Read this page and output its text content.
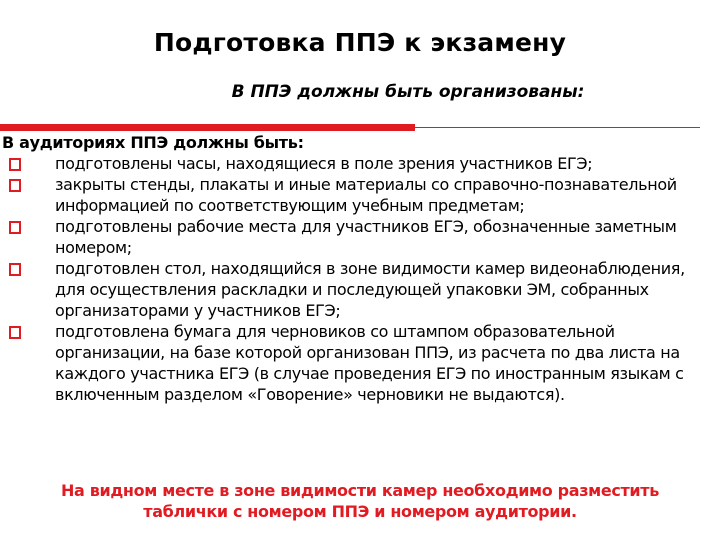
Подготовка ППЭ к экзамену
В ППЭ должны быть организованы:
В аудиториях ППЭ должны быть:
подготовлены часы, находящиеся в поле зрения участников ЕГЭ;
закрыты стенды, плакаты и иные материалы со справочно-познавательной информацией по соответствующим учебным предметам;
подготовлены рабочие места для участников ЕГЭ, обозначенные заметным номером;
подготовлен стол, находящийся в зоне видимости камер видеонаблюдения, для осуществления раскладки и последующей упаковки ЭМ, собранных организаторами у участников ЕГЭ;
подготовлена бумага для черновиков со штампом образовательной организации, на базе которой организован ППЭ, из расчета по два листа на каждого участника ЕГЭ (в случае проведения ЕГЭ по иностранным языкам с включенным разделом «Говорение» черновики не выдаются).
На видном месте в зоне видимости камер необходимо разместить
таблички с номером ППЭ и номером аудитории.
